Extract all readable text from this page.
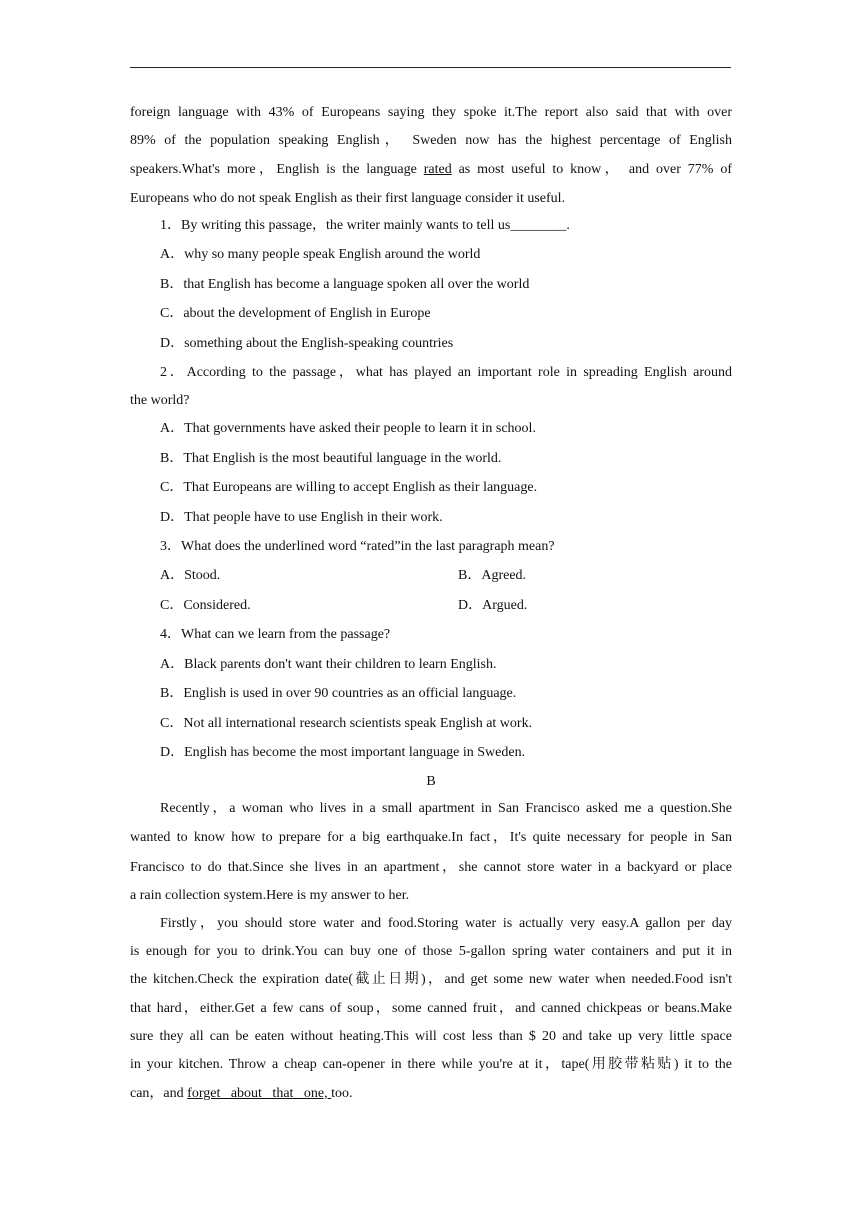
foreign language with 43% of Europeans saying they spoke it.The report also said that with over
89% of the population speaking English， Sweden now has the highest percentage of English
speakers.What's more，English is the language rated as most useful to know， and over 77% of
Europeans who do not speak English as their first language consider it useful.
1．By writing this passage，the writer mainly wants to tell us________.
A．why so many people speak English around the world
B．that English has become a language spoken all over the world
C．about the development of English in Europe
D．something about the English-speaking countries
2．According to the passage，what has played an important role in spreading English around
the world?
A．That governments have asked their people to learn it in school.
B．That English is the most beautiful language in the world.
C．That Europeans are willing to accept English as their language.
D．That people have to use English in their work.
3．What does the underlined word “rated”in the last paragraph mean?
A．Stood.	B．Agreed.
C．Considered.	D．Argued.
4．What can we learn from the passage?
A．Black parents don't want their children to learn English.
B．English is used in over 90 countries as an official language.
C．Not all international research scientists speak English at work.
D．English has become the most important language in Sweden.
B
Recently，a woman who lives in a small apartment in San Francisco asked me a question.She
wanted to know how to prepare for a big earthquake.In fact，It's quite necessary for people in San
Francisco to do that.Since she lives in an apartment，she cannot store water in a backyard or place
a rain collection system.Here is my answer to her.
Firstly，you should store water and food.Storing water is actually very easy.A gallon per day
is enough for you to drink.You can buy one of those 5-gallon spring water containers and put it in
the kitchen.Check the expiration date(截止日期)，and get some new water when needed.Food isn't
that hard，either.Get a few cans of soup，some canned fruit，and canned chickpeas or beans.Make
sure they all can be eaten without heating.This will cost less than $ 20 and take up very little space
in your kitchen. Throw a cheap can-opener in there while you're at it，tape(用胶带粘贴) it to the
can，and forget   about   that   one, too.
